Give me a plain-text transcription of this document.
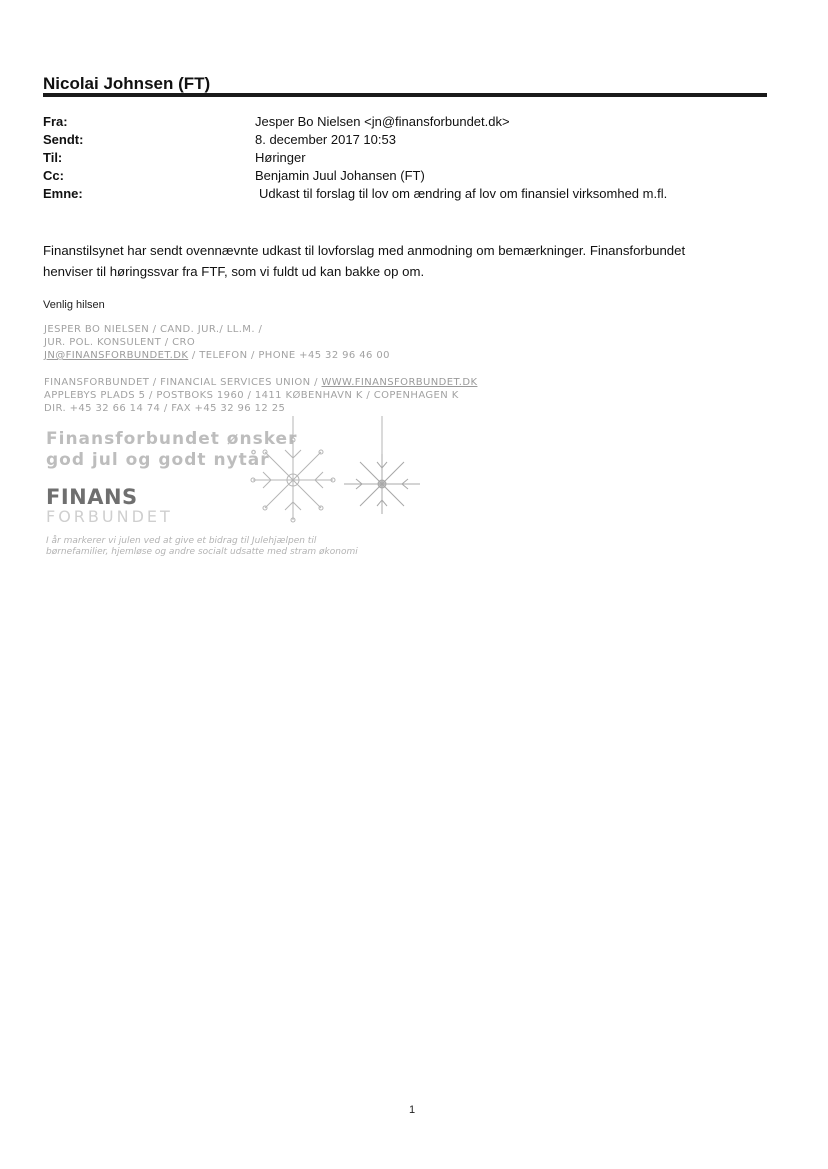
Nicolai Johnsen (FT)
Fra:	Jesper Bo Nielsen <jn@finansforbundet.dk>
Sendt:	8. december 2017 10:53
Til:	Høringer
Cc:	Benjamin Juul Johansen (FT)
Emne:	Udkast til forslag til lov om ændring af lov om finansiel virksomhed m.fl.
Finanstilsynet har sendt ovennævnte udkast til lovforslag med anmodning om bemærkninger. Finansforbundet
henviser til høringssvar fra FTF, som vi fuldt ud kan bakke op om.
Venlig hilsen
JESPER BO NIELSEN / CAND. JUR./ LL.M. /
JUR. POL. KONSULENT / CRO
JN@FINANSFORBUNDET.DK / TELEFON / PHONE +45 32 96 46 00
FINANSFORBUNDET / FINANCIAL SERVICES UNION / WWW.FINANSFORBUNDET.DK
APPLEBYS PLADS 5 / POSTBOKS 1960 / 1411 KØBENHAVN K / COPENHAGEN K
DIR. +45 32 66 14 74 / FAX +45 32 96 12 25
Finansforbundet ønsker
god jul og godt nytår
FINANS
FORBUNDET
I år markerer vi julen ved at give et bidrag til Julehjælpen til
børnefamilier, hjemløse og andre socialt udsatte med stram økonomi
1
